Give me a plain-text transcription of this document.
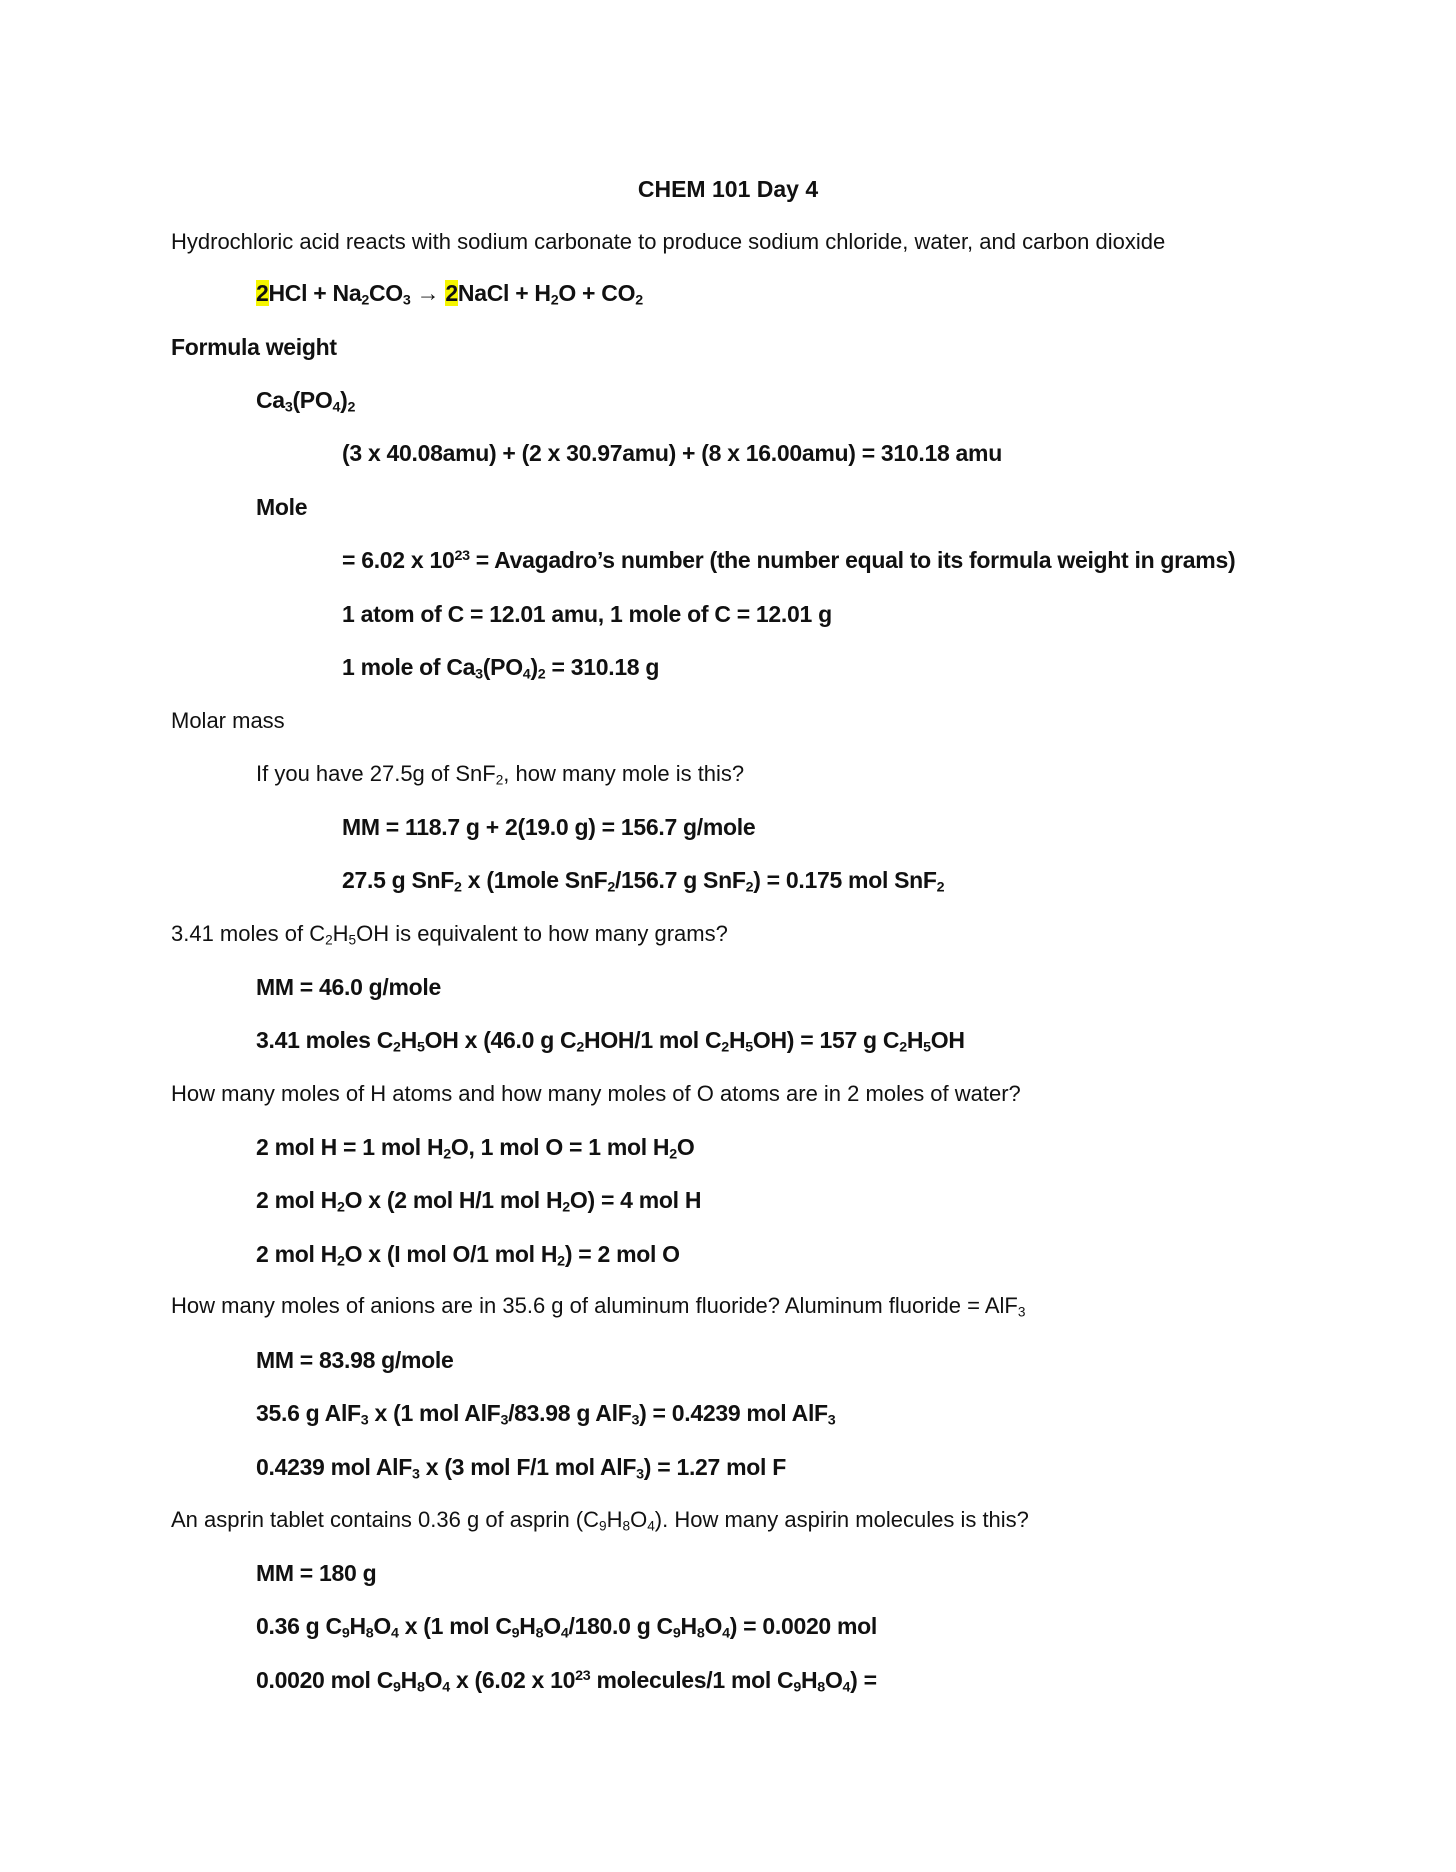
CHEM 101 Day 4
Hydrochloric acid reacts with sodium carbonate to produce sodium chloride, water, and carbon dioxide
$2HCl + Na_2CO_3$ → 2NaCl + $H_2O + CO_2$
Formula weight
$Ca_3(PO_4)_2$
(3 x 40.08amu) + (2 x 30.97amu) + (8 x 16.00amu) = 310.18 amu
Mole
= 6.02 x $10^{23}$ = Avagadro’s number (the number equal to its formula weight in grams)
1 atom of C = 12.01 amu, 1 mole of C = 12.01 g
1 mole of $Ca_3(PO_4)_2 = 310.18$ g
Molar mass
If you have 27.5g of SnF$_2$, how many mole is this?
MM = 118.7 g + 2(19.0 g) = 156.7 g/mole
27.5 g SnF$_2$ x (1mole SnF$_2$/156.7 g SnF$_2$) = 0.175 mol SnF$_2$
3.41 moles of $C_2H_5OH$ is equivalent to how many grams?
MM = 46.0 g/mole
3.41 moles $C_2H_5OH$ x (46.0 g $C_2HOH/1$ mol $C_2H_5OH) = 157$ g $C_2H_5OH$
How many moles of H atoms and how many moles of O atoms are in 2 moles of water?
2 mol H = 1 mol $H_2O$, 1 mol O = 1 mol $H_2O$
2 mol $H_2O$ x (2 mol H/1 mol $H_2O) = 4$ mol H
2 mol $H_2O$ x (I mol O/1 mol $H_2) = 2$ mol O
How many moles of anions are in 35.6 g of aluminum fluoride? Aluminum fluoride = AlF$_3$
MM = 83.98 g/mole
35.6 g AlF$_3$ x (1 mol AlF$_3$/83.98 g AlF$_3$) = 0.4239 mol AlF$_3$
0.4239 mol AlF$_3$ x (3 mol F/1 mol AlF$_3$) = 1.27 mol F
An asprin tablet contains 0.36 g of asprin $(C_9H_8O_4)$. How many aspirin molecules is this?
MM = 180 g
0.36 g $C_9H_8O_4$ x (1 mol $C_9H_8O_4/180.0$ g $C_9H_8O_4) = 0.0020$ mol
0.0020 mol $C_9H_8O_4$ x (6.02 x $10^{23}$ molecules/1 mol $C_9H_8O_4$) =
